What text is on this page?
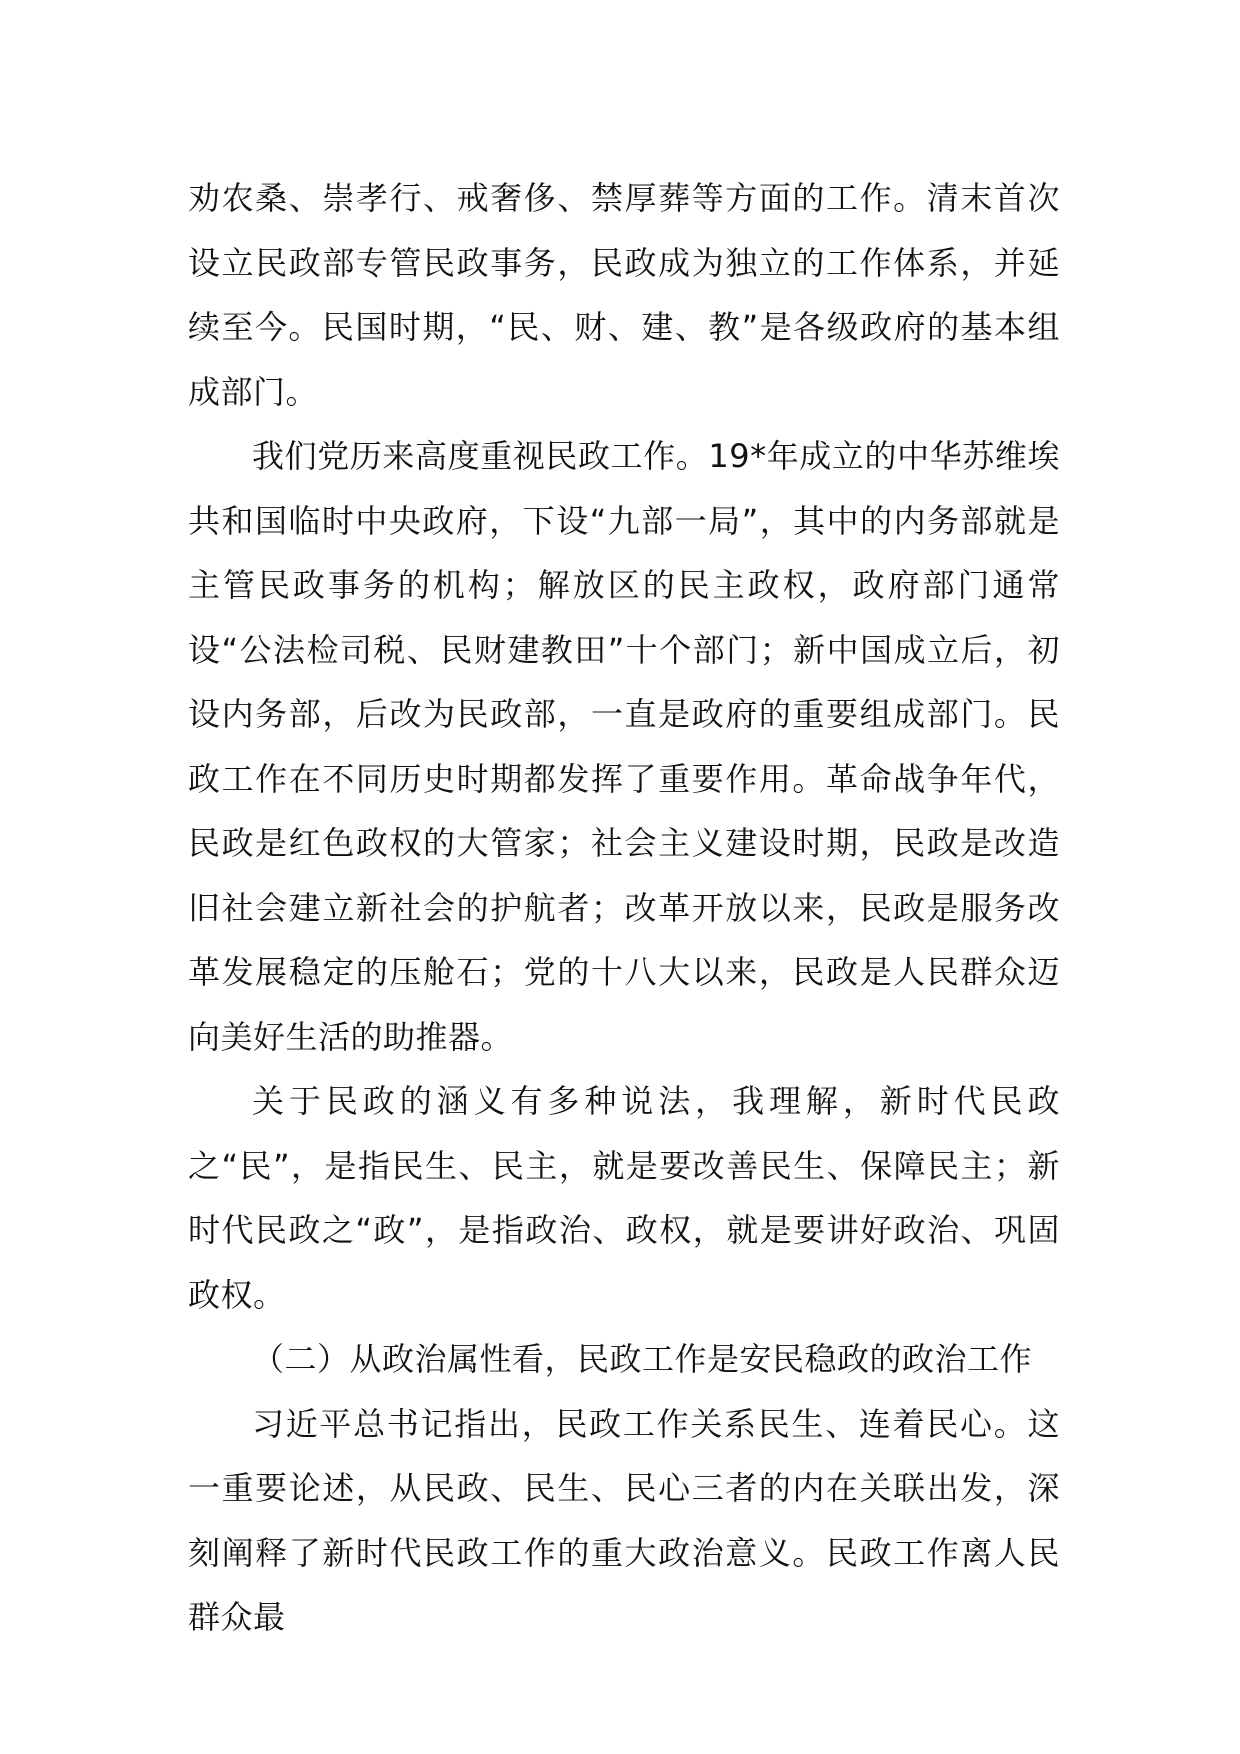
劝农桑、崇孝行、戒奢侈、禁厚葬等方面的工作。清末首次设立民政部专管民政事务，民政成为独立的工作体系，并延续至今。民国时期，“民、财、建、教”是各级政府的基本组成部门。

我们党历来高度重视民政工作。19*年成立的中华苏维埃共和国临时中央政府，下设“九部一局”，其中的内务部就是主管民政事务的机构；解放区的民主政权，政府部门通常设“公法检司税、民财建教田”十个部门；新中国成立后，初设内务部，后改为民政部，一直是政府的重要组成部门。民政工作在不同历史时期都发挥了重要作用。革命战争年代，民政是红色政权的大管家；社会主义建设时期，民政是改造旧社会建立新社会的护航者；改革开放以来，民政是服务改革发展稳定的压舱石；党的十八大以来，民政是人民群众迈向美好生活的助推器。

关于民政的涵义有多种说法，我理解，新时代民政之“民”，是指民生、民主，就是要改善民生、保障民主；新时代民政之“政”，是指政治、政权，就是要讲好政治、巩固政权。

（二）从政治属性看，民政工作是安民稳政的政治工作

习近平总书记指出，民政工作关系民生、连着民心。这一重要论述，从民政、民生、民心三者的内在关联出发，深刻阐释了新时代民政工作的重大政治意义。民政工作离人民群众最
